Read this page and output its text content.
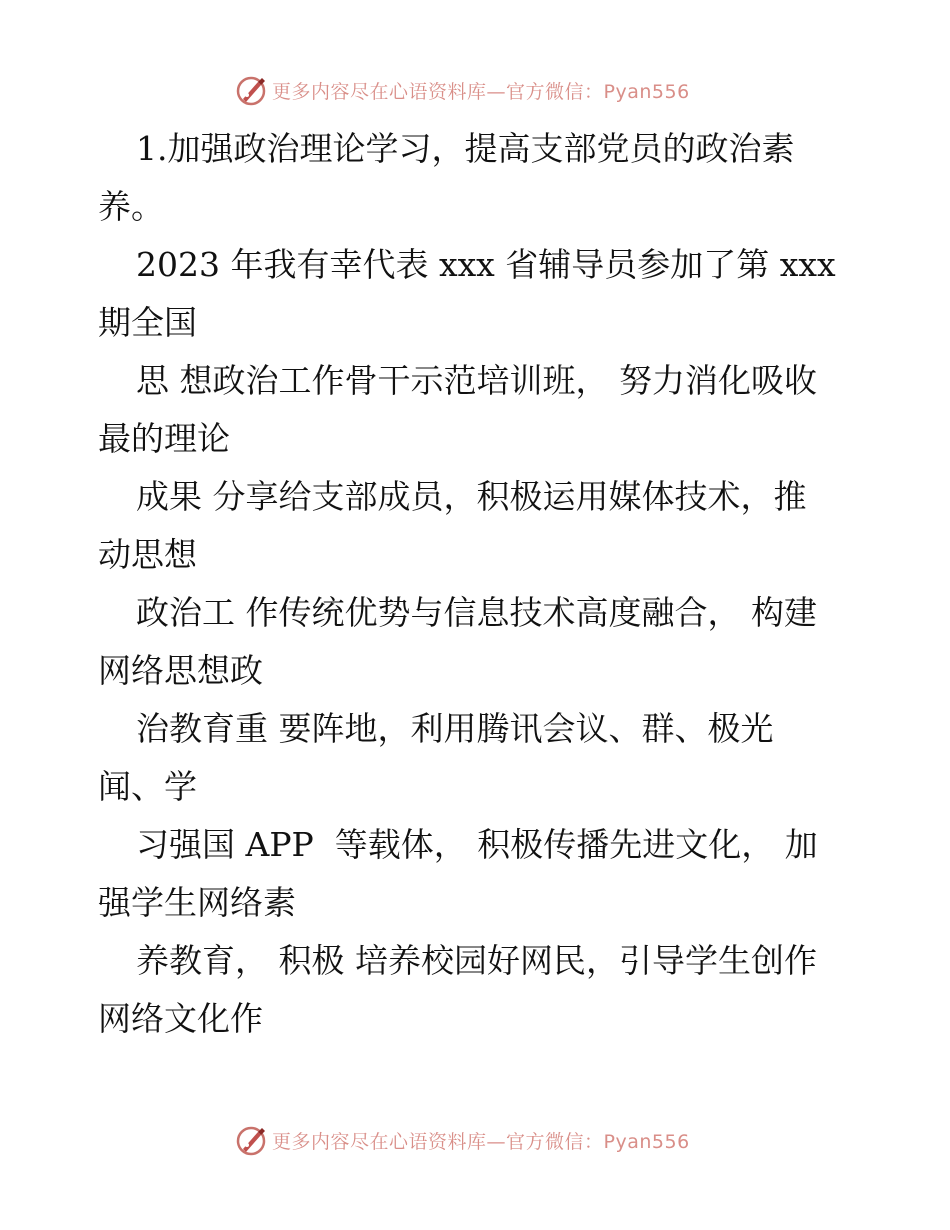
更多内容尽在心语资料库—官方微信：Pyan556
1.加强政治理论学习，提高支部党员的政治素
养。
2023 年我有幸代表 xxx 省辅导员参加了第 xxx
期全国
思 想政治工作骨干示范培训班， 努力消化吸收
最的理论
成果 分享给支部成员，积极运用媒体技术，推
动思想
政治工 作传统优势与信息技术高度融合， 构建
网络思想政
治教育重 要阵地，利用腾讯会议、群、极光
闻、学
习强国 APP  等载体， 积极传播先进文化， 加
强学生网络素
养教育， 积极 培养校园好网民，引导学生创作
网络文化作
更多内容尽在心语资料库—官方微信：Pyan556
